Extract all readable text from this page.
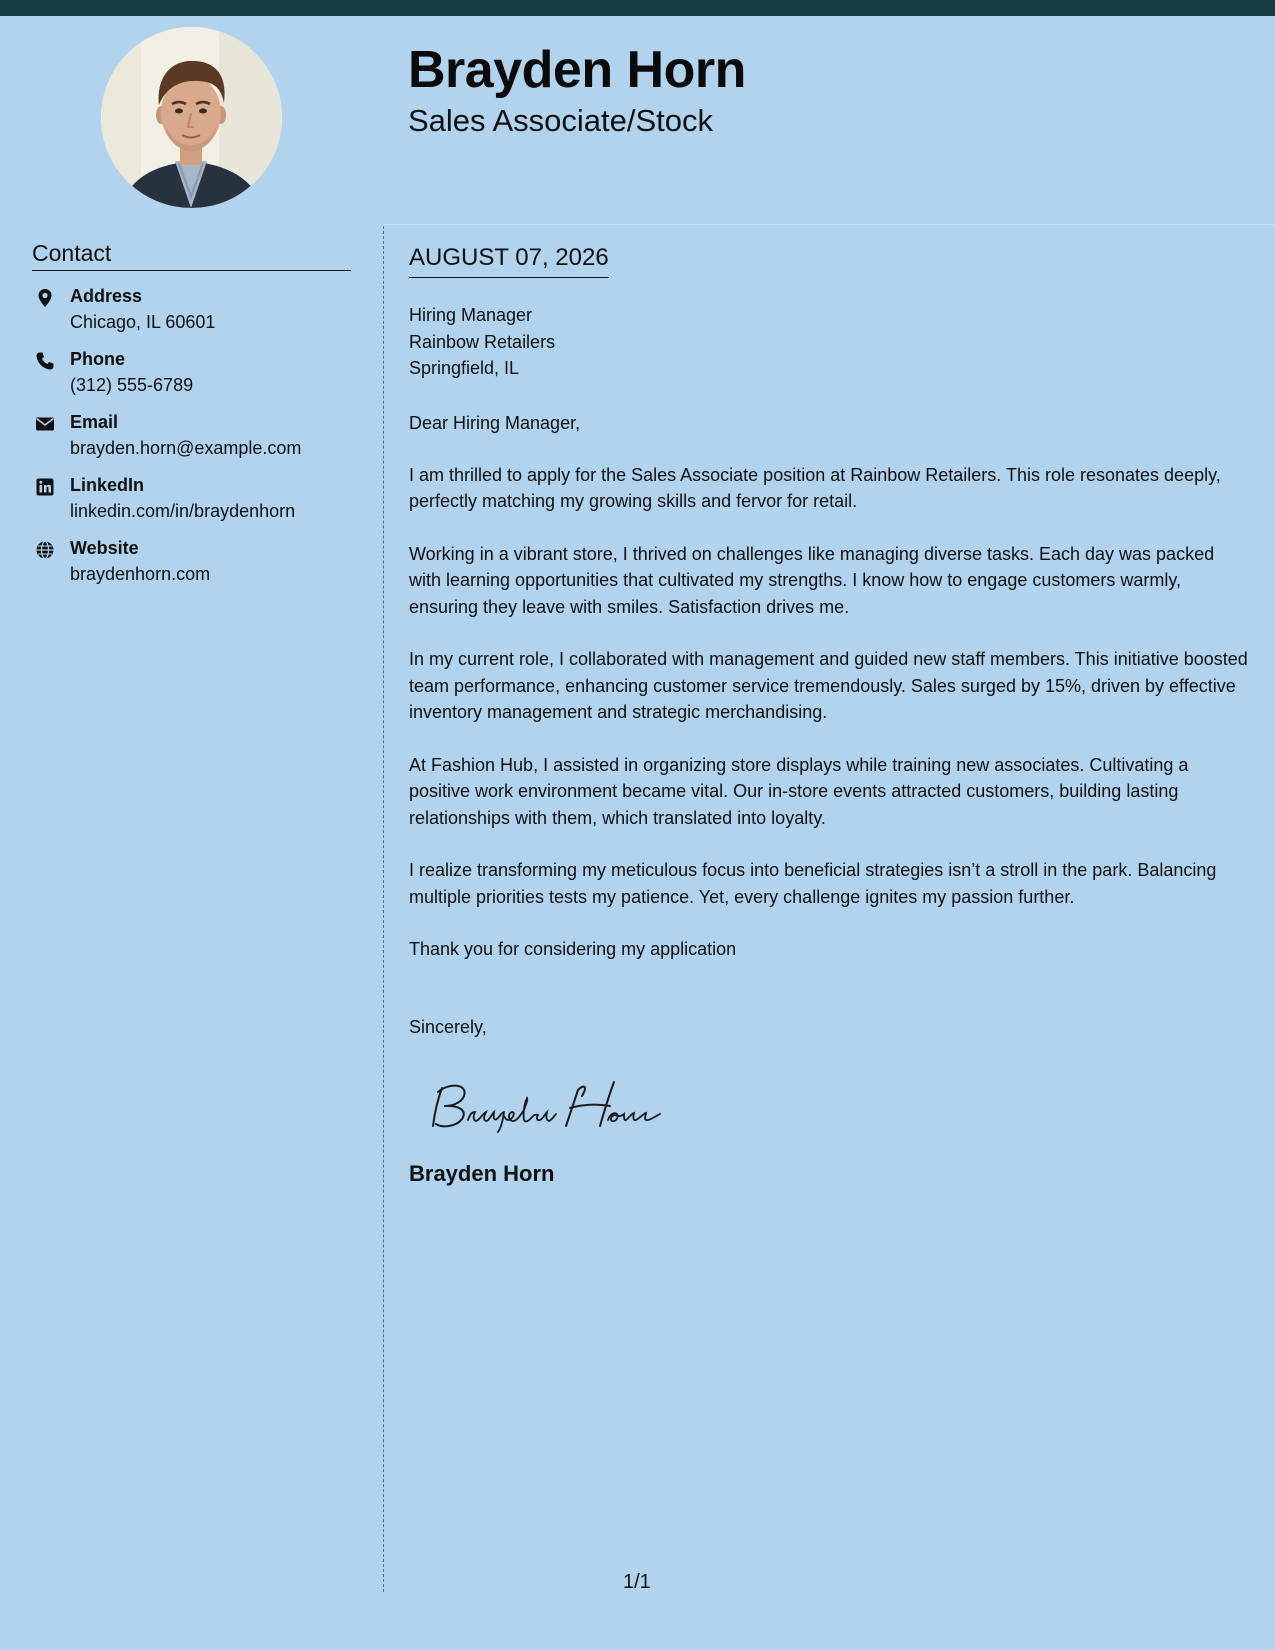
Brayden Horn
Sales Associate/Stock
Contact
Address
Chicago, IL 60601
Phone
(312) 555-6789
Email
brayden.horn@example.com
LinkedIn
linkedin.com/in/braydenhorn
Website
braydenhorn.com
AUGUST 07, 2026
Hiring Manager
Rainbow Retailers
Springfield, IL

Dear Hiring Manager,

I am thrilled to apply for the Sales Associate position at Rainbow Retailers. This role resonates deeply, perfectly matching my growing skills and fervor for retail.

Working in a vibrant store, I thrived on challenges like managing diverse tasks. Each day was packed with learning opportunities that cultivated my strengths. I know how to engage customers warmly, ensuring they leave with smiles. Satisfaction drives me.

In my current role, I collaborated with management and guided new staff members. This initiative boosted team performance, enhancing customer service tremendously. Sales surged by 15%, driven by effective inventory management and strategic merchandising.

At Fashion Hub, I assisted in organizing store displays while training new associates. Cultivating a positive work environment became vital. Our in-store events attracted customers, building lasting relationships with them, which translated into loyalty.

I realize transforming my meticulous focus into beneficial strategies isn’t a stroll in the park. Balancing multiple priorities tests my patience. Yet, every challenge ignites my passion further.

Thank you for considering my application

Sincerely,
Brayden Horn
1/1
